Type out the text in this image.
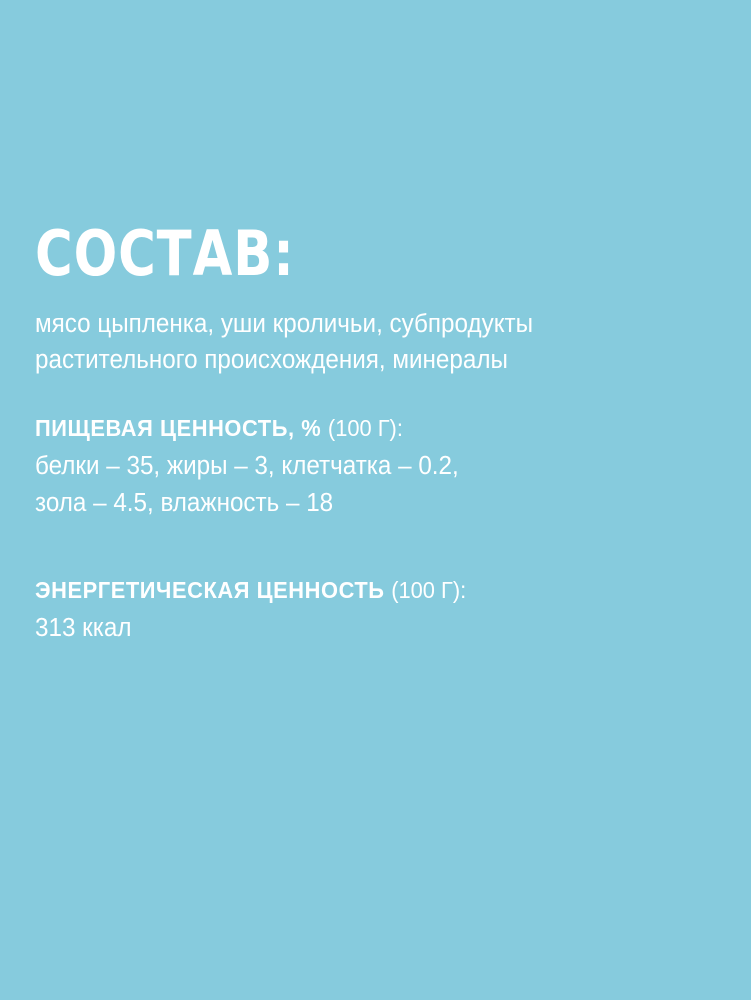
СОСТАВ:

мясо цыпленка, уши кроличьи, субпродукты растительного происхождения, минералы

ПИЩЕВАЯ ЦЕННОСТЬ, % (100 Г):
белки – 35, жиры – 3, клетчатка – 0.2,
зола – 4.5, влажность – 18
ЭНЕРГЕТИЧЕСКАЯ ЦЕННОСТЬ (100 Г):
313 ккал
